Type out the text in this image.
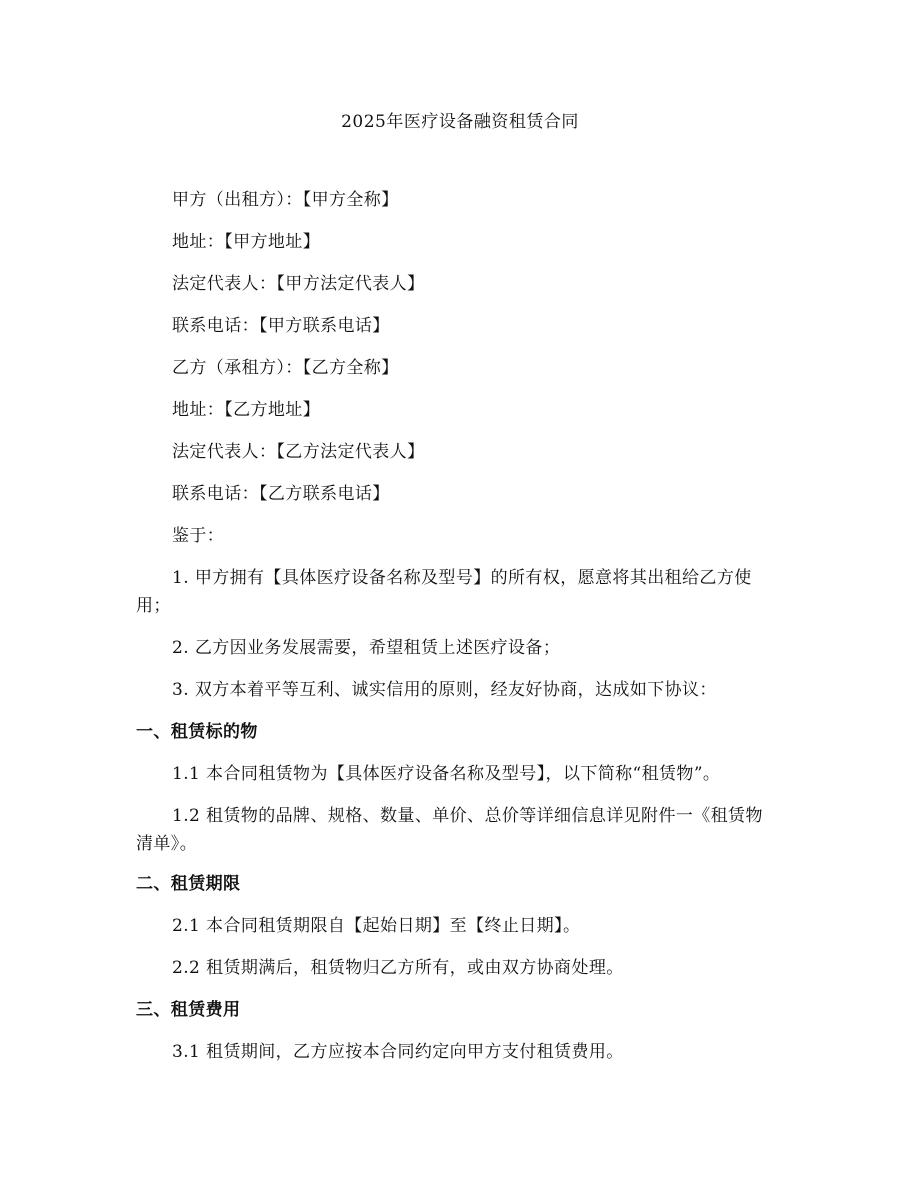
2025年医疗设备融资租赁合同
甲方（出租方）：【甲方全称】
地址：【甲方地址】
法定代表人：【甲方法定代表人】
联系电话：【甲方联系电话】
乙方（承租方）：【乙方全称】
地址：【乙方地址】
法定代表人：【乙方法定代表人】
联系电话：【乙方联系电话】
鉴于：
1. 甲方拥有【具体医疗设备名称及型号】的所有权，愿意将其出租给乙方使
用；
2. 乙方因业务发展需要，希望租赁上述医疗设备；
3. 双方本着平等互利、诚实信用的原则，经友好协商，达成如下协议：
一、租赁标的物
1.1 本合同租赁物为【具体医疗设备名称及型号】，以下简称“租赁物”。
1.2 租赁物的品牌、规格、数量、单价、总价等详细信息详见附件一《租赁物
清单》。
二、租赁期限
2.1 本合同租赁期限自【起始日期】至【终止日期】。
2.2 租赁期满后，租赁物归乙方所有，或由双方协商处理。
三、租赁费用
3.1 租赁期间，乙方应按本合同约定向甲方支付租赁费用。
